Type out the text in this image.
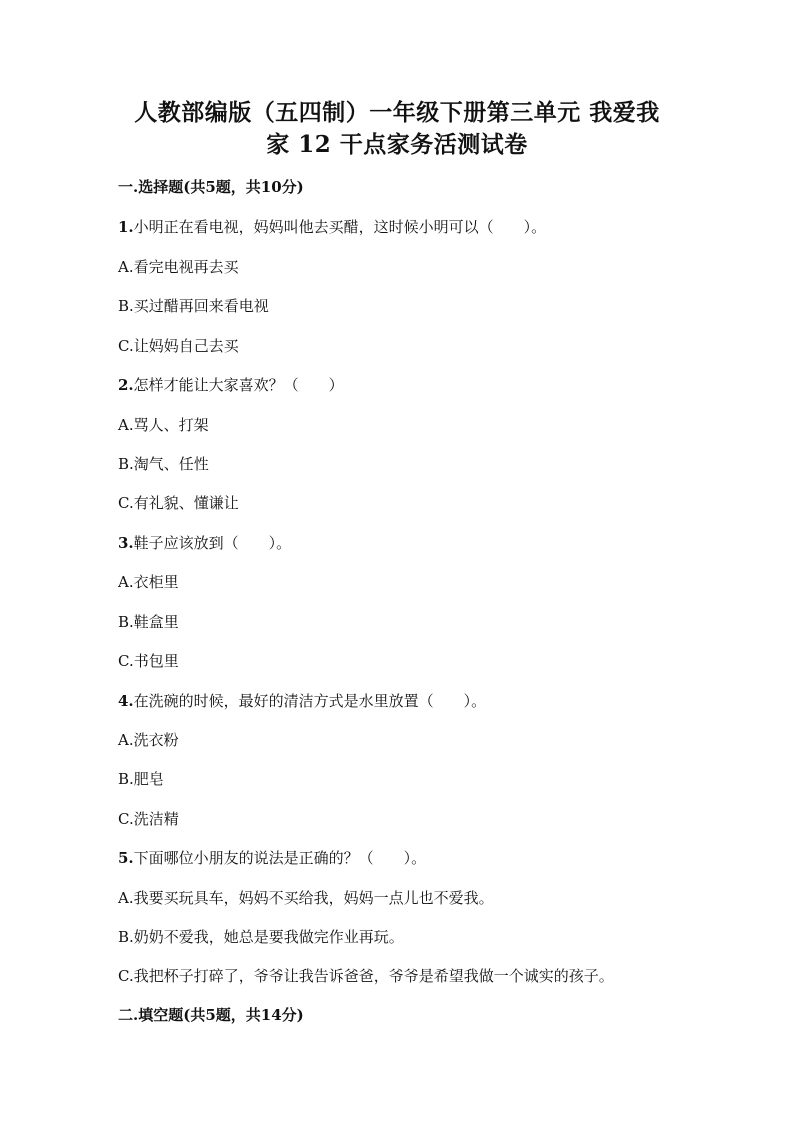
人教部编版（五四制）一年级下册第三单元 我爱我
家 12 干点家务活测试卷
一.选择题(共5题，共10分)
1.小明正在看电视，妈妈叫他去买醋，这时候小明可以（　　）。
A.看完电视再去买
B.买过醋再回来看电视
C.让妈妈自己去买
2.怎样才能让大家喜欢？（　　）
A.骂人、打架
B.淘气、任性
C.有礼貌、懂谦让
3.鞋子应该放到（　　）。
A.衣柜里
B.鞋盒里
C.书包里
4.在洗碗的时候，最好的清洁方式是水里放置（　　）。
A.洗衣粉
B.肥皂
C.洗洁精
5.下面哪位小朋友的说法是正确的？（　　）。
A.我要买玩具车，妈妈不买给我，妈妈一点儿也不爱我。
B.奶奶不爱我，她总是要我做完作业再玩。
C.我把杯子打碎了，爷爷让我告诉爸爸，爷爷是希望我做一个诚实的孩子。
二.填空题(共5题，共14分)
